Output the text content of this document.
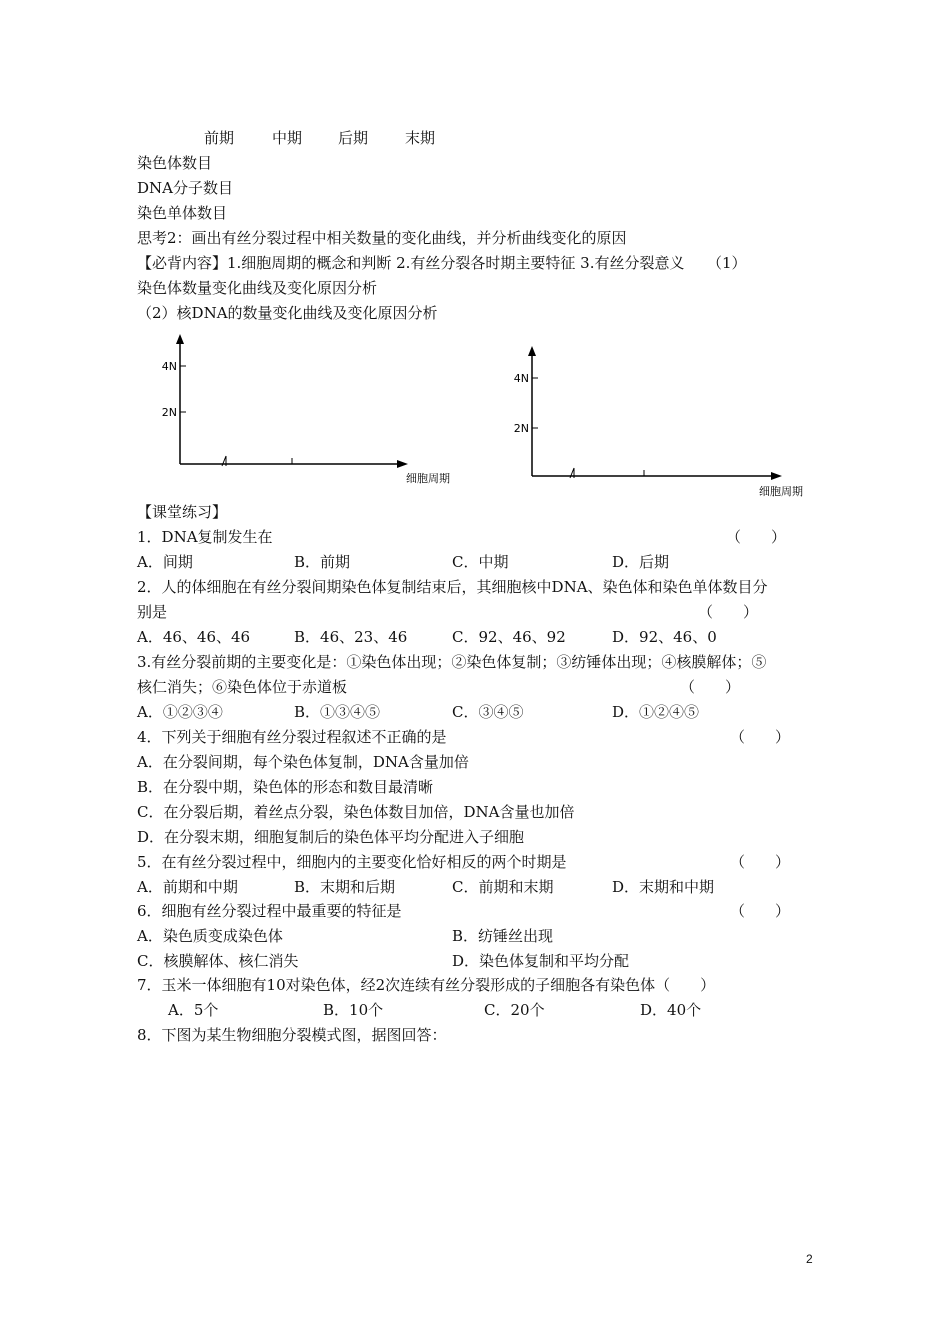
前期	中期 后期 末期
染色体数目
DNA分子数目
染色单体数目
思考2：画出有丝分裂过程中相关数量的变化曲线，并分析曲线变化的原因
【必背内容】1.细胞周期的概念和判断 2.有丝分裂各时期主要特征 3.有丝分裂意义　　（1）
染色体数量变化曲线及变化原因分析
（2）核DNA的数量变化曲线及变化原因分析
4N
2N
细胞周期
4N
2N
细胞周期
【课堂练习】
1．DNA复制发生在	（　　）
A．间期	B．前期	C．中期	D．后期
2．人的体细胞在有丝分裂间期染色体复制结束后，其细胞核中DNA、染色体和染色单体数目分
别是	（　　）
A．46、46、46	B．46、23、46	C．92、46、92	D．92、46、0
3.有丝分裂前期的主要变化是：①染色体出现；②染色体复制；③纺锤体出现；④核膜解体；⑤
核仁消失；⑥染色体位于赤道板	（　　）
A．①②③④	B．①③④⑤	C．③④⑤	D．①②④⑤
4．下列关于细胞有丝分裂过程叙述不正确的是	（　　）
A．在分裂间期，每个染色体复制，DNA含量加倍
B．在分裂中期，染色体的形态和数目最清晰
C．在分裂后期，着丝点分裂，染色体数目加倍，DNA含量也加倍
D．在分裂末期，细胞复制后的染色体平均分配进入子细胞
5．在有丝分裂过程中，细胞内的主要变化恰好相反的两个时期是	（　　）
A．前期和中期	B．末期和后期	C．前期和末期	D．末期和中期
6．细胞有丝分裂过程中最重要的特征是	（　　）
A．染色质变成染色体	B．纺锤丝出现
C．核膜解体、核仁消失	D．染色体复制和平均分配
7．玉米一体细胞有10对染色体，经2次连续有丝分裂形成的子细胞各有染色体（　　）
A．5个	B．10个	C．20个	D．40个
8．下图为某生物细胞分裂模式图，据图回答：
2
